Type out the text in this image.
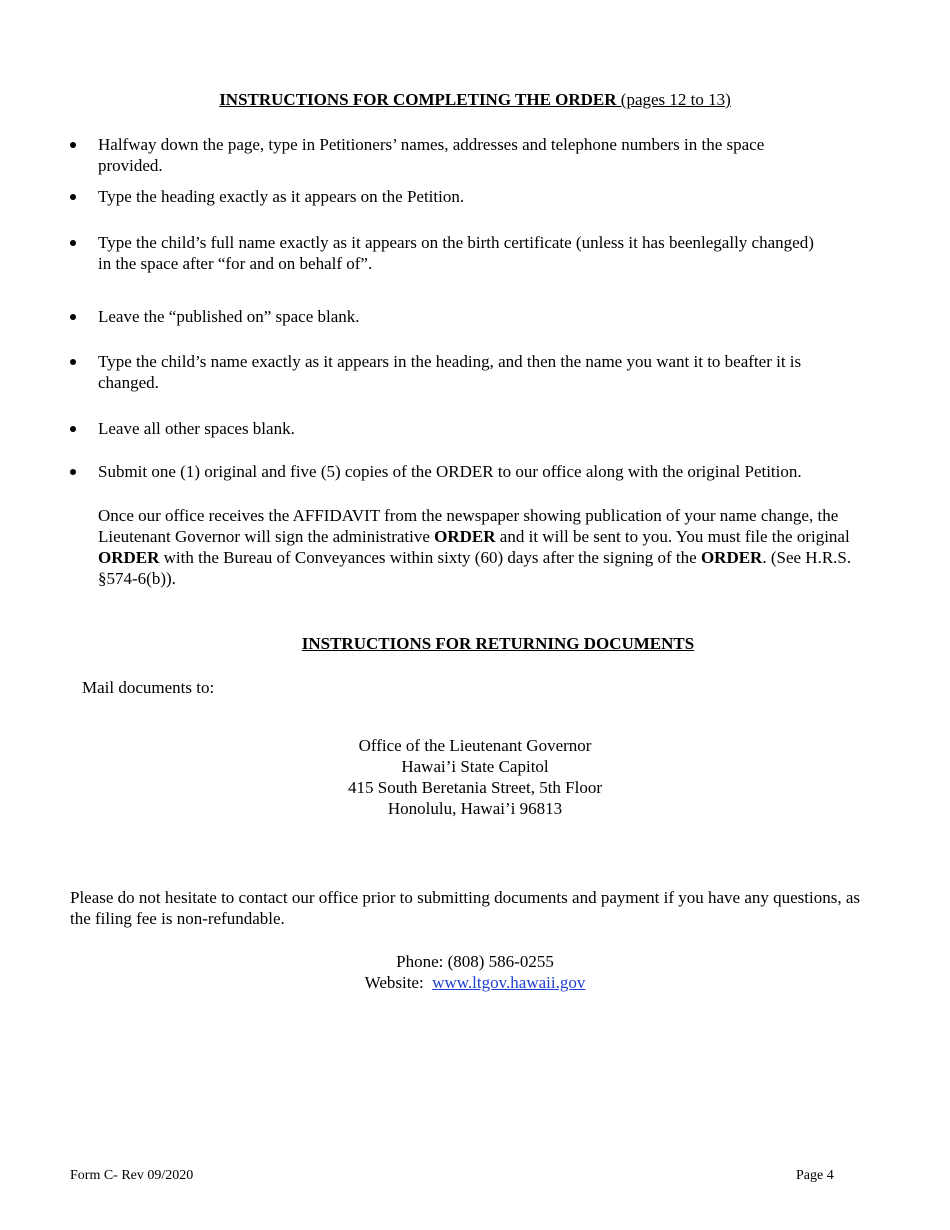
INSTRUCTIONS FOR COMPLETING THE ORDER (pages 12 to 13)
Halfway down the page, type in Petitioners’ names, addresses and telephone numbers in the space provided.
Type the heading exactly as it appears on the Petition.
Type the child’s full name exactly as it appears on the birth certificate (unless it has beenlegally changed) in the space after “for and on behalf of”.
Leave the “published on” space blank.
Type the child’s name exactly as it appears in the heading, and then the name you want it to beafter it is changed.
Leave all other spaces blank.
Submit one (1) original and five (5) copies of the ORDER to our office along with the original Petition.
Once our office receives the AFFIDAVIT from the newspaper showing publication of your name change, the Lieutenant Governor will sign the administrative ORDER and it will be sent to you. You must file the original ORDER with the Bureau of Conveyances within sixty (60) days after the signing of the ORDER. (See H.R.S. §574-6(b)).
INSTRUCTIONS FOR RETURNING DOCUMENTS
Mail documents to:
Office of the Lieutenant Governor
Hawai’i State Capitol
415 South Beretania Street, 5th Floor
Honolulu, Hawai’i 96813
Please do not hesitate to contact our office prior to submitting documents and payment if you have any questions, as the filing fee is non-refundable.
Phone: (808) 586-0255
Website:  www.ltgov.hawaii.gov
Form C- Rev 09/2020	Page 4
